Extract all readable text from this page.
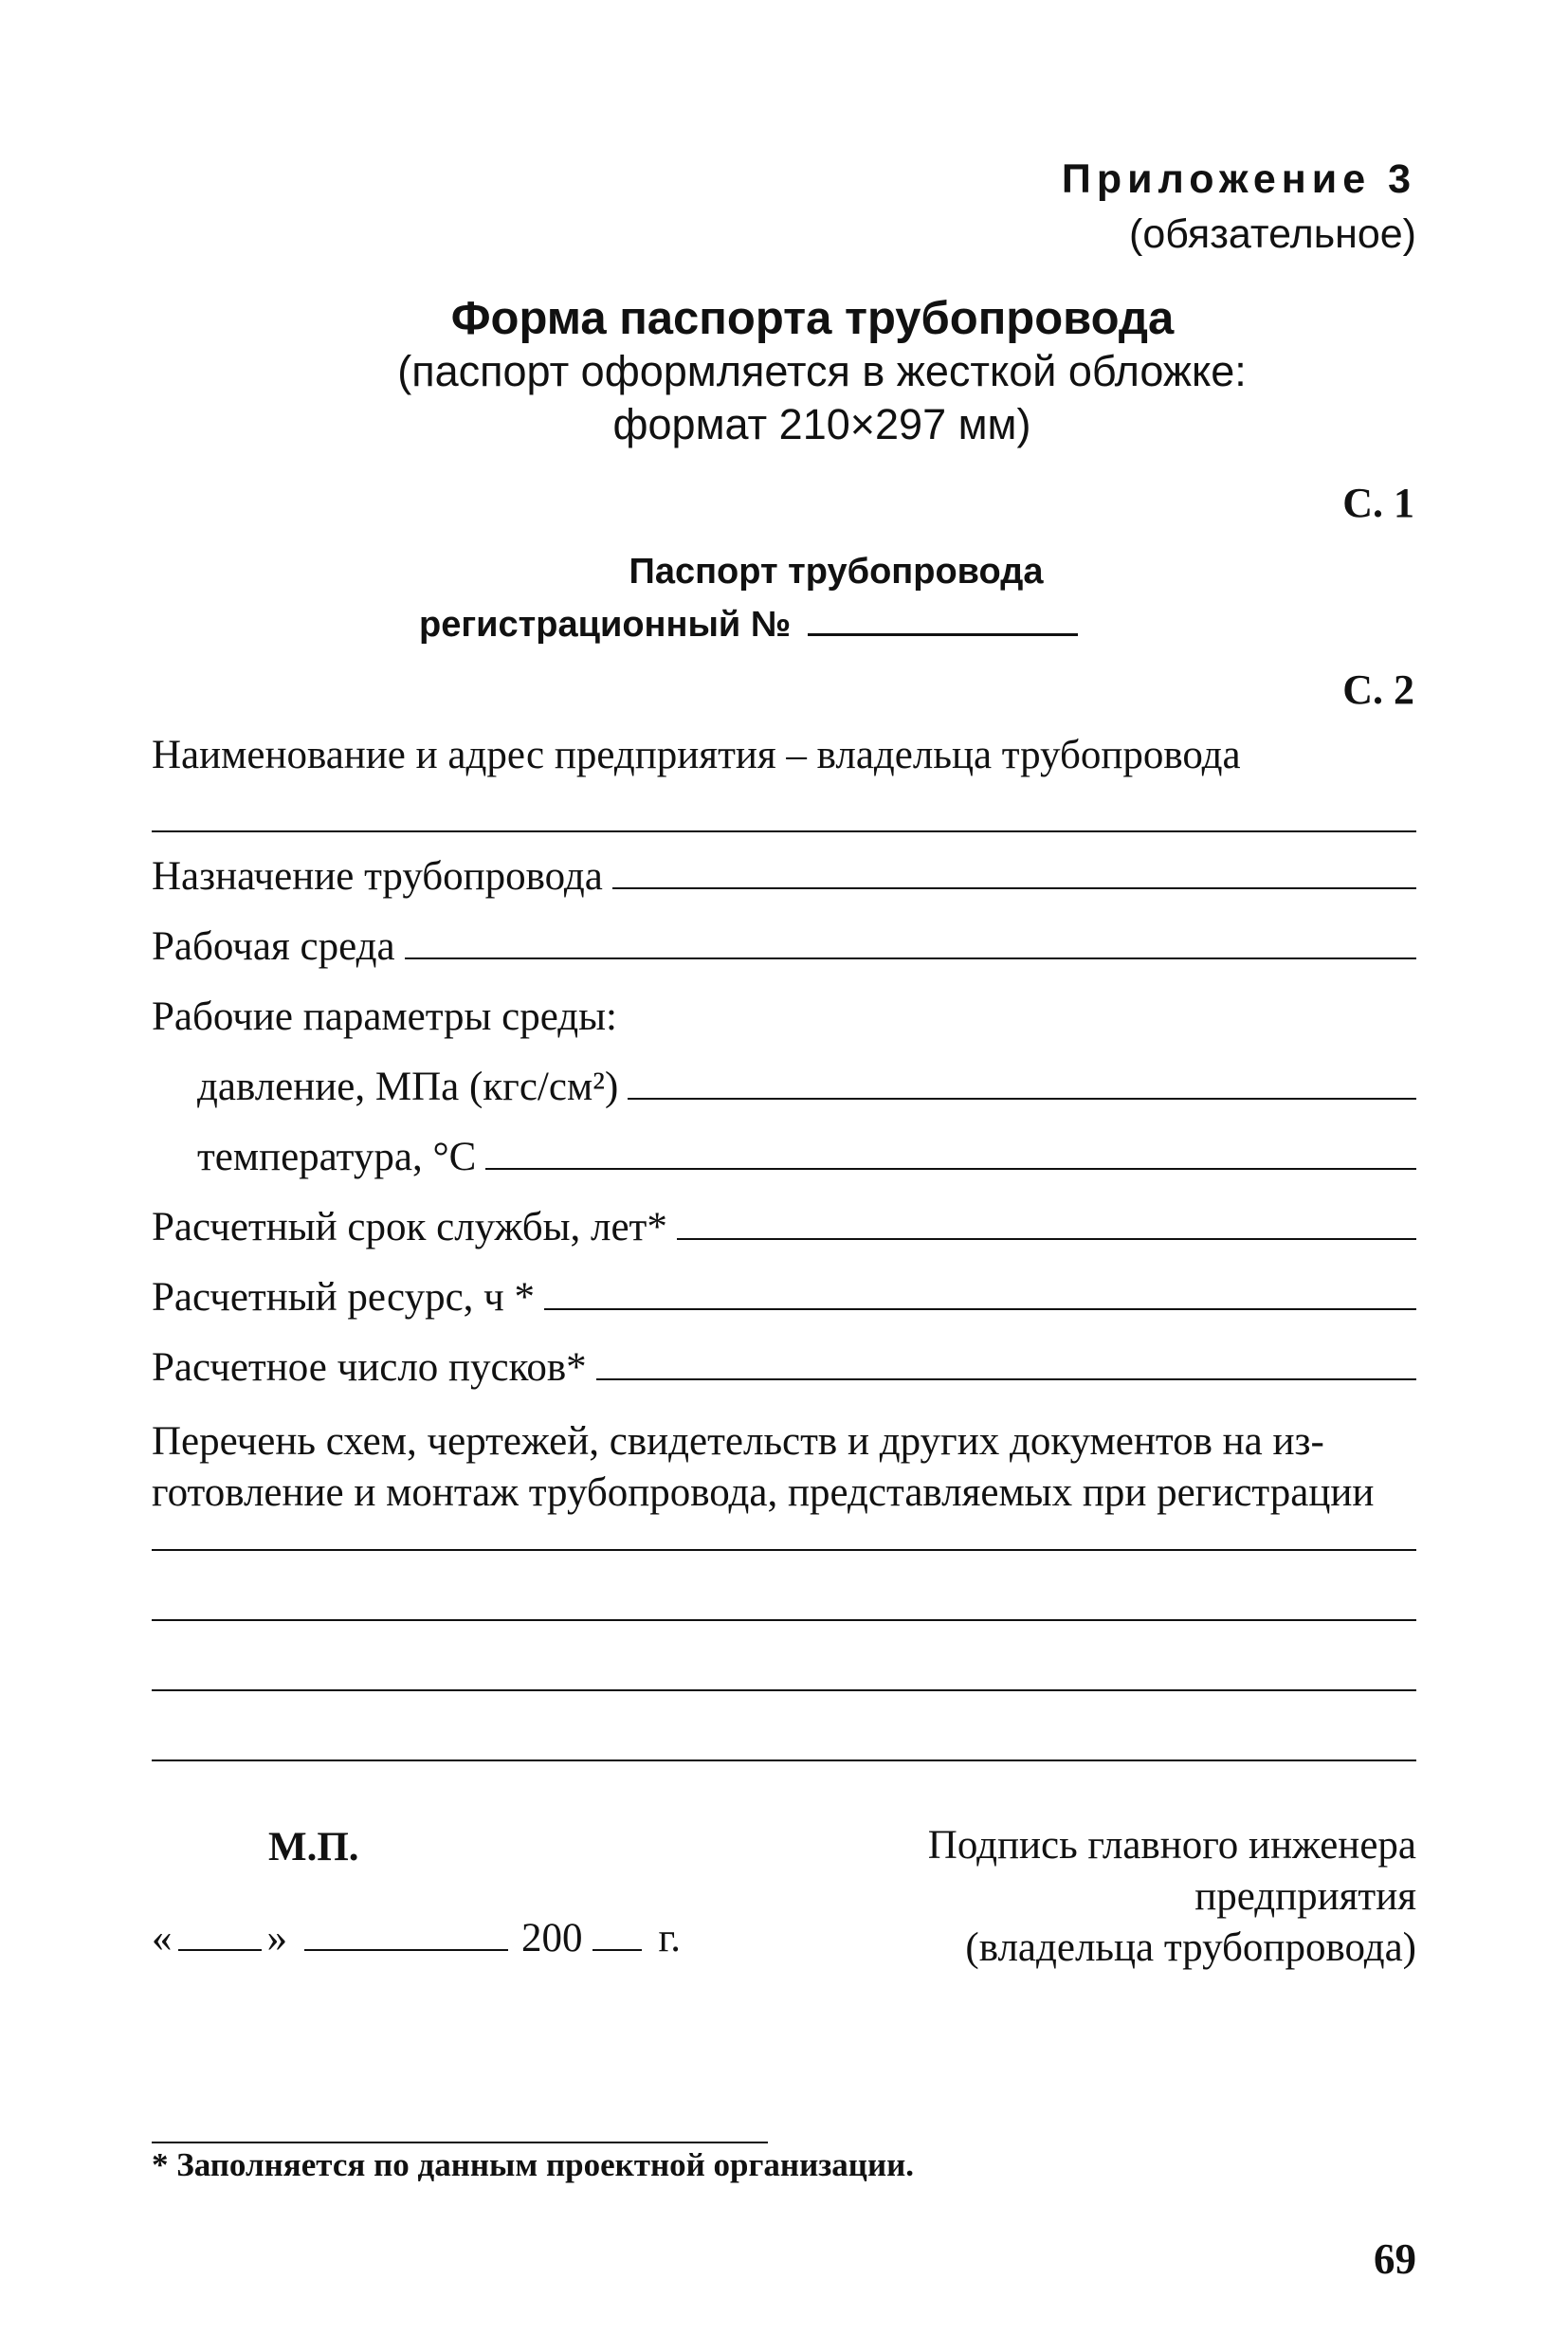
Приложение 3
(обязательное)
Форма паспорта трубопровода
(паспорт оформляется в жесткой обложке:
формат 210×297 мм)
С. 1
Паспорт трубопровода
регистрационный №
С. 2
Наименование и адрес предприятия – владельца трубопровода
Назначение трубопровода
Рабочая среда
Рабочие параметры среды:
давление, МПа (кгс/см²)
температура, °С
Расчетный срок службы, лет*
Расчетный ресурс, ч *
Расчетное число пусков*
Перечень схем, чертежей, свидетельств и других документов на из-
готовление и монтаж трубопровода, представляемых при регистрации
М.П.
« »	200 г.
Подпись главного инженера
предприятия
(владельца трубопровода)
* Заполняется по данным проектной организации.
69
